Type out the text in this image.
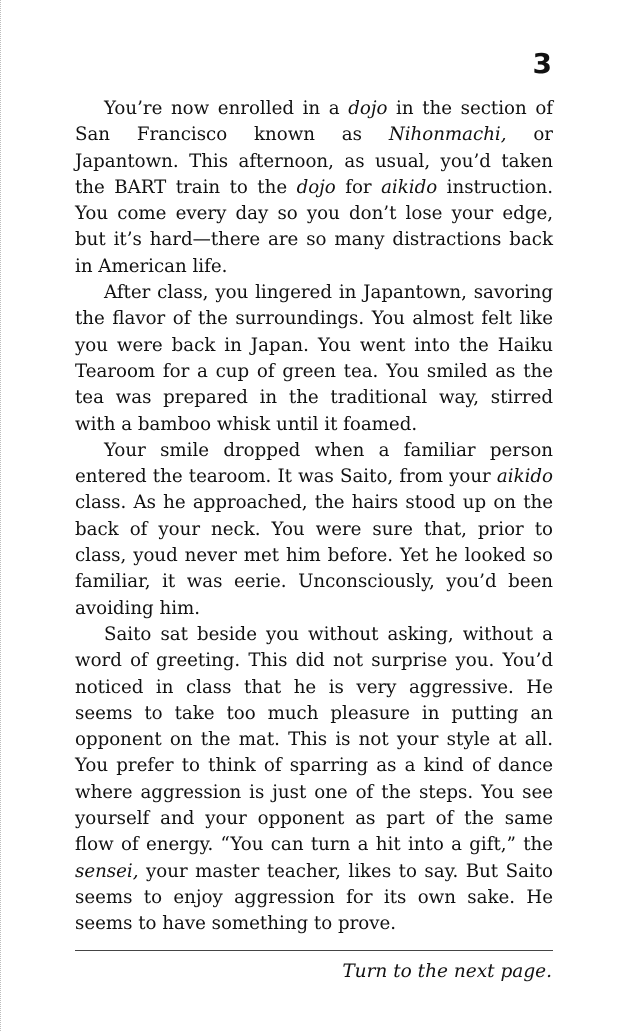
3

You’re now enrolled in a dojo in the section of San Francisco known as Nihonmachi, or Japantown. This afternoon, as usual, you’d taken the BART train to the dojo for aikido instruction. You come every day so you don’t lose your edge, but it’s hard—there are so many distractions back in American life.

After class, you lingered in Japantown, savoring the flavor of the surroundings. You almost felt like you were back in Japan. You went into the Haiku Tearoom for a cup of green tea. You smiled as the tea was prepared in the traditional way, stirred with a bamboo whisk until it foamed.

Your smile dropped when a familiar person entered the tearoom. It was Saito, from your aikido class. As he approached, the hairs stood up on the back of your neck. You were sure that, prior to class, youd never met him before. Yet he looked so familiar, it was eerie. Unconsciously, you’d been avoiding him.

Saito sat beside you without asking, without a word of greeting. This did not surprise you. You’d noticed in class that he is very aggressive. He seems to take too much pleasure in putting an opponent on the mat. This is not your style at all. You prefer to think of sparring as a kind of dance where aggression is just one of the steps. You see yourself and your opponent as part of the same flow of energy. “You can turn a hit into a gift,” the sensei, your master teacher, likes to say. But Saito seems to enjoy aggression for its own sake. He seems to have something to prove.

Turn to the next page.
